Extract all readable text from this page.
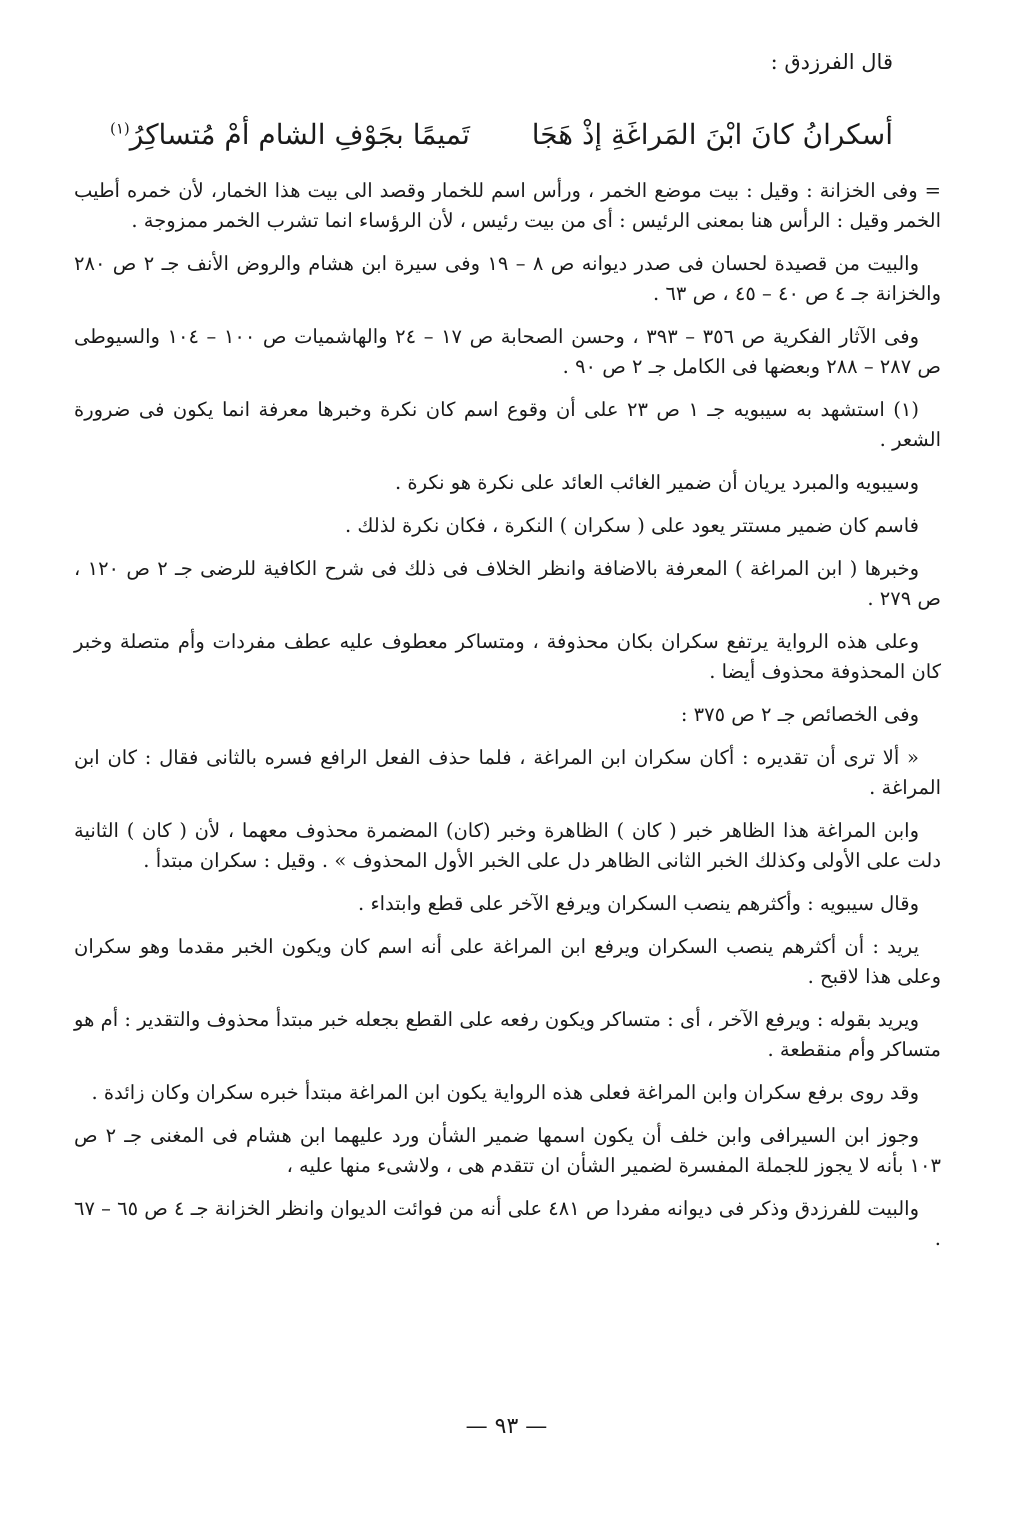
قال الفرزدق :
أسكرانُ كانَ ابْنَ المَراغَةِ إذْ هَجَا
تَميمًا بجَوْفِ الشام أمْ مُتساكِرُ$^{(١)}$

= وفى الخزانة : وقيل : بيت موضع الخمر ، ورأس اسم للخمار وقصد الى بيت هذا الخمار، لأن خمره أطيب الخمر وقيل : الرأس هنا بمعنى الرئيس : أى من بيت رئيس ، لأن الرؤساء انما تشرب الخمر ممزوجة .

والبيت من قصيدة لحسان فى صدر ديوانه ص ٨ – ١٩ وفى سيرة ابن هشام والروض الأنف جـ ٢ ص ٢٨٠ والخزانة جـ ٤ ص ٤٠ – ٤٥ ، ص ٦٣ .

وفى الآثار الفكرية ص ٣٥٦ – ٣٩٣ ، وحسن الصحابة ص ١٧ – ٢٤ والهاشميات ص ١٠٠ – ١٠٤ والسيوطى ص ٢٨٧ – ٢٨٨ وبعضها فى الكامل جـ ٢ ص ٩٠ .

(١) استشهد به سيبويه جـ ١ ص ٢٣ على أن وقوع اسم كان نكرة وخبرها معرفة انما يكون فى ضرورة الشعر .

وسيبويه والمبرد يريان أن ضمير الغائب العائد على نكرة هو نكرة .

فاسم كان ضمير مستتر يعود على ( سكران ) النكرة ، فكان نكرة لذلك .

وخبرها ( ابن المراغة ) المعرفة بالاضافة وانظر الخلاف فى ذلك فى شرح الكافية للرضى جـ ٢ ص ١٢٠ ، ص ٢٧٩ .

وعلى هذه الرواية يرتفع سكران بكان محذوفة ، ومتساكر معطوف عليه عطف مفردات وأم متصلة وخبر كان المحذوفة محذوف أيضا .

وفى الخصائص جـ ٢ ص ٣٧٥ :

« ألا ترى أن تقديره : أكان سكران ابن المراغة ، فلما حذف الفعل الرافع فسره بالثانى فقال : كان ابن المراغة .

وابن المراغة هذا الظاهر خبر ( كان ) الظاهرة وخبر (كان) المضمرة محذوف معهما ، لأن ( كان ) الثانية دلت على الأولى وكذلك الخبر الثانى الظاهر دل على الخبر الأول المحذوف » . وقيل : سكران مبتدأ .

وقال سيبويه : وأكثرهم ينصب السكران ويرفع الآخر على قطع وابتداء .

يريد : أن أكثرهم ينصب السكران ويرفع ابن المراغة على أنه اسم كان ويكون الخبر مقدما وهو سكران وعلى هذا لاقبح .

ويريد بقوله : ويرفع الآخر ، أى : متساكر ويكون رفعه على القطع بجعله خبر مبتدأ محذوف والتقدير : أم هو متساكر وأم منقطعة .

وقد روى برفع سكران وابن المراغة فعلى هذه الرواية يكون ابن المراغة مبتدأ خبره سكران وكان زائدة .

وجوز ابن السيرافى وابن خلف أن يكون اسمها ضمير الشأن ورد عليهما ابن هشام فى المغنى جـ ٢ ص ١٠٣ بأنه لا يجوز للجملة المفسرة لضمير الشأن ان تتقدم هى ، ولاشىء منها عليه ،

والبيت للفرزدق وذكر فى ديوانه مفردا ص ٤٨١ على أنه من فوائت الديوان وانظر الخزانة جـ ٤ ص ٦٥ – ٦٧ .

— ٩٣ —
